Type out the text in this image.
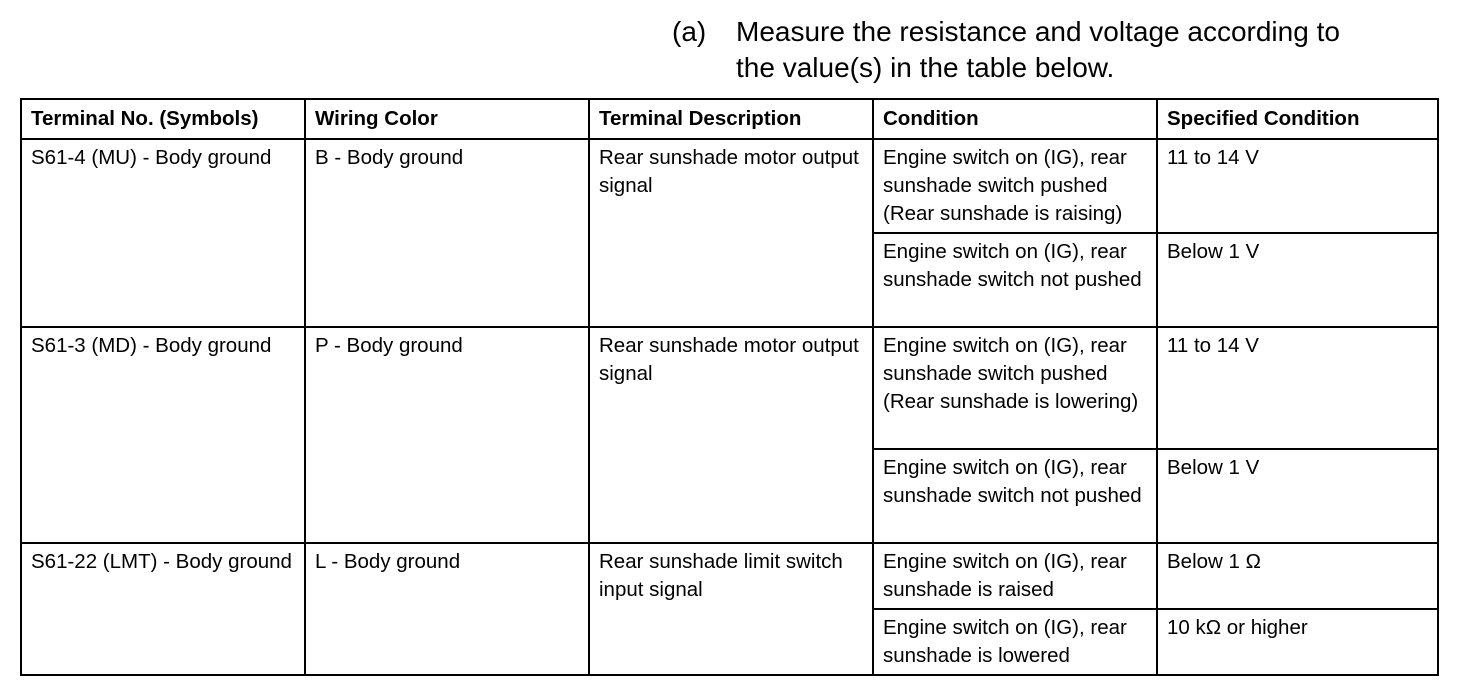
(a)	Measure the resistance and voltage according to
the value(s) in the table below.
Terminal No. (Symbols)	Wiring Color	Terminal Description	Condition	Specified Condition
S61-4 (MU) - Body ground	B - Body ground	Rear sunshade motor output signal	Engine switch on (IG), rear sunshade switch pushed (Rear sunshade is raising)	11 to 14 V
			Engine switch on (IG), rear sunshade switch not pushed	Below 1 V
S61-3 (MD) - Body ground	P - Body ground	Rear sunshade motor output signal	Engine switch on (IG), rear sunshade switch pushed (Rear sunshade is lowering)	11 to 14 V
			Engine switch on (IG), rear sunshade switch not pushed	Below 1 V
S61-22 (LMT) - Body ground	L - Body ground	Rear sunshade limit switch input signal	Engine switch on (IG), rear sunshade is raised	Below 1 Ω
			Engine switch on (IG), rear sunshade is lowered	10 kΩ or higher
